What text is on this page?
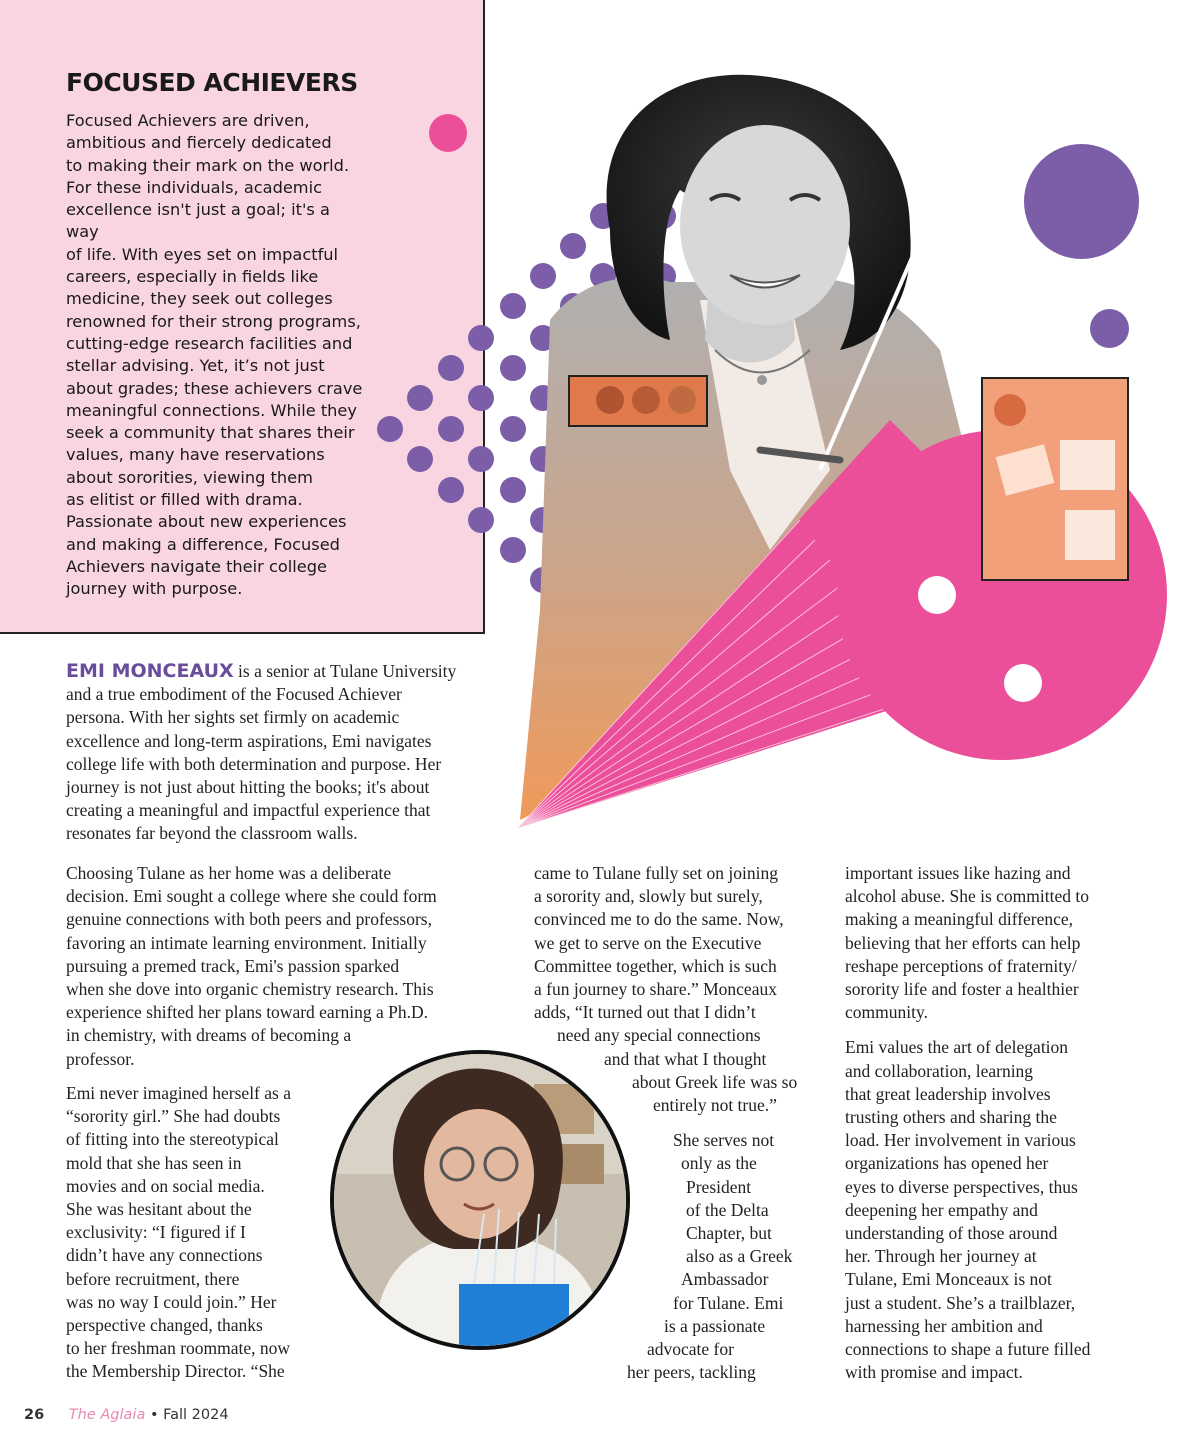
FOCUSED ACHIEVERS
Focused Achievers are driven,
ambitious and fiercely dedicated
to making their mark on the world.
For these individuals, academic
excellence isn't just a goal; it's a way
of life. With eyes set on impactful
careers, especially in fields like
medicine, they seek out colleges
renowned for their strong programs,
cutting-edge research facilities and
stellar advising. Yet, it’s not just
about grades; these achievers crave
meaningful connections. While they
seek a community that shares their
values, many have reservations
about sororities, viewing them
as elitist or filled with drama.
Passionate about new experiences
and making a difference, Focused
Achievers navigate their college
journey with purpose.
EMI MONCEAUX is a senior at Tulane University
and a true embodiment of the Focused Achiever
persona. With her sights set firmly on academic
excellence and long-term aspirations, Emi navigates
college life with both determination and purpose. Her
journey is not just about hitting the books; it's about
creating a meaningful and impactful experience that
resonates far beyond the classroom walls.
Choosing Tulane as her home was a deliberate
decision. Emi sought a college where she could form
genuine connections with both peers and professors,
favoring an intimate learning environment. Initially
pursuing a premed track, Emi's passion sparked
when she dove into organic chemistry research. This
experience shifted her plans toward earning a Ph.D.
in chemistry, with dreams of becoming a
professor.
Emi never imagined herself as a
“sorority girl.” She had doubts
of fitting into the stereotypical
mold that she has seen in
movies and on social media.
She was hesitant about the
exclusivity: “I figured if I
didn’t have any connections
before recruitment, there
was no way I could join.” Her
perspective changed, thanks
to her freshman roommate, now
the Membership Director. “She
came to Tulane fully set on joining
a sorority and, slowly but surely,
convinced me to do the same. Now,
we get to serve on the Executive
Committee together, which is such
a fun journey to share.” Monceaux
adds, “It turned out that I didn’t
need any special connections
and that what I thought
about Greek life was so
entirely not true.”
She serves not
only as the
President
of the Delta
Chapter, but
also as a Greek
Ambassador
for Tulane. Emi
is a passionate
advocate for
her peers, tackling
important issues like hazing and
alcohol abuse. She is committed to
making a meaningful difference,
believing that her efforts can help
reshape perceptions of fraternity/
sorority life and foster a healthier
community.
Emi values the art of delegation
and collaboration, learning
that great leadership involves
trusting others and sharing the
load. Her involvement in various
organizations has opened her
eyes to diverse perspectives, thus
deepening her empathy and
understanding of those around
her. Through her journey at
Tulane, Emi Monceaux is not
just a student. She’s a trailblazer,
harnessing her ambition and
connections to shape a future filled
with promise and impact.
26 The Aglaia • Fall 2024
